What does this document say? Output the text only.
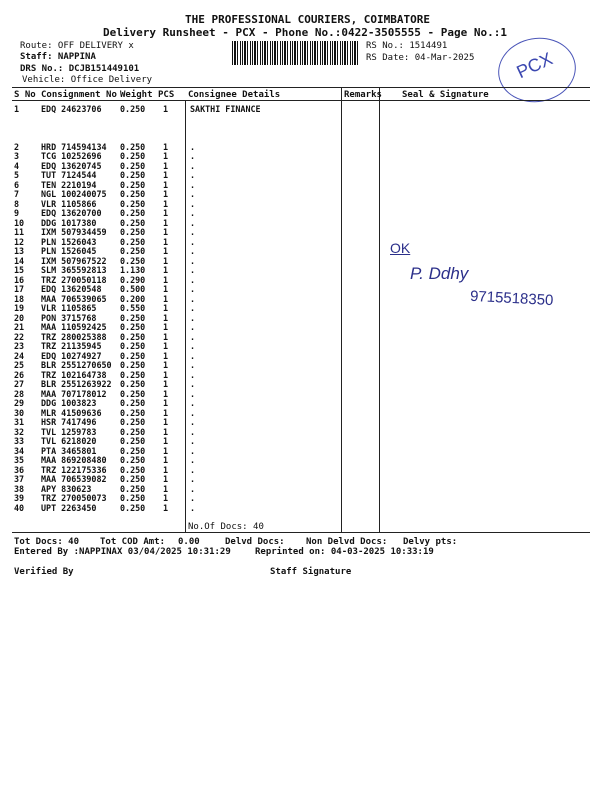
THE PROFESSIONAL COURIERS, COIMBATORE
Delivery Runsheet - PCX - Phone No.:0422-3505555 - Page No.:1
Route: OFF DELIVERY x
Staff: NAPPINA
DRS No.: DCJB151449101
Vehicle: Office Delivery
RS No.: 1514491
RS Date: 04-Mar-2025 PCX
S No Consignment No Weight PCS Consignee Details	Remarks Seal & Signature
1	EDQ 24623706	0.250	1	SAKTHI FINANCE

2	HRD 714594134	0.250	1	.
3	TCG 10252696	0.250	1	.
4	EDQ 13620745	0.250	1	.
5	TUT 7124544	0.250	1	.
6	TEN 2210194	0.250	1	.
7	NGL 100240075	0.250	1	.
8	VLR 1105866	0.250	1	.
9	EDQ 13620700	0.250	1	.
10	DDG 1017380	0.250	1	.
11	IXM 507934459	0.250	1	.
12	PLN 1526043	0.250	1	.
13	PLN 1526045	0.250	1	.
14	IXM 507967522	0.250	1	.
15	SLM 365592813	1.130	1	.
16	TRZ 270050118	0.290	1	.
17	EDQ 13620548	0.500	1	.
18	MAA 706539065	0.200	1	.
19	VLR 1105865	0.550	1	.
20	PON 3715768	0.250	1	.
21	MAA 110592425	0.250	1	.
22	TRZ 280025388	0.250	1	.
23	TRZ 21135945	0.250	1	.
24	EDQ 10274927	0.250	1	.
25	BLR 2551270650	0.250	1	.
26	TRZ 102164738	0.250	1	.
27	BLR 2551263922	0.250	1	.
28	MAA 707178012	0.250	1	.
29	DDG 1003823	0.250	1	.
30	MLR 41509636	0.250	1	.
31	HSR 7417496	0.250	1	.
32	TVL 1259783	0.250	1	.
33	TVL 6218020	0.250	1	.
34	PTA 3465801	0.250	1	.
35	MAA 869208480	0.250	1	.
36	TRZ 122175336	0.250	1	.
37	MAA 706539082	0.250	1	.
38	APY 830623	0.250	1	.
39	TRZ 270050073	0.250	1	.
40	UPT 2263450	0.250	1	.
No.Of Docs: 40
Tot Docs: 40 Tot COD Amt: 0.00	Delvd Docs: Non Delvd Docs: Delvy pts:
Entered By :NAPPINAX 03/04/2025 10:31:29	Reprinted on: 04-03-2025 10:33:19
Verified By	Staff Signature
OK
P. Ddhy
9715518350
